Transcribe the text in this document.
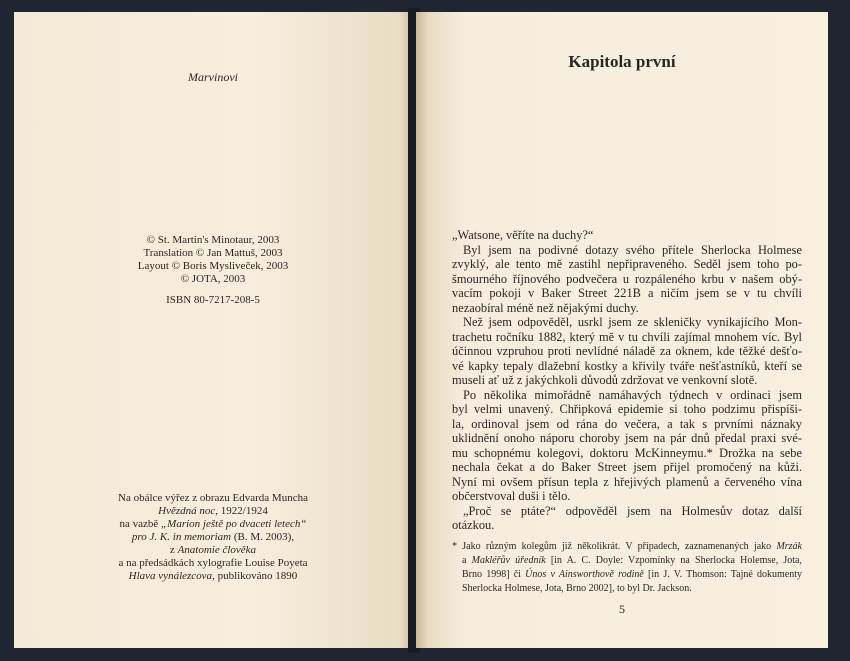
Marvinovi
© St. Martin's Minotaur, 2003
Translation © Jan Mattuš, 2003
Layout © Boris Mysliveček, 2003
© JOTA, 2003
ISBN 80-7217-208-5
Na obálce výřez z obrazu Edvarda Muncha
Hvězdná noc, 1922/1924
na vazbě „Marion ještě po dvaceti letech“
pro J. K. in memoriam (B. M. 2003),
z Anatomie člověka
a na předsádkách xylografie Louise Poyeta
Hlava vynálezcova, publikováno 1890
Kapitola první
„Watsone, věříte na duchy?“
Byl jsem na podivné dotazy svého přítele Sherlocka Holmese
zvyklý, ale tento mě zastihl nepřipraveného. Seděl jsem toho po-
šmourného říjnového podvečera u rozpáleného krbu v našem obý-
vacím pokoji v Baker Street 221B a ničím jsem se v tu chvíli
nezaobíral méně než nějakými duchy.
Než jsem odpověděl, usrkl jsem ze skleničky vynikajícího Mon-
trachetu ročníku 1882, který mě v tu chvíli zajímal mnohem víc. Byl
účinnou vzpruhou proti nevlídné náladě za oknem, kde těžké dešťo-
vé kapky tepaly dlažební kostky a křivily tváře nešťastníků, kteří se
museli ať už z jakýchkoli důvodů zdržovat ve venkovní slotě.
Po několika mimořádně namáhavých týdnech v ordinaci jsem
byl velmi unavený. Chřipková epidemie si toho podzimu přispíši-
la, ordinoval jsem od rána do večera, a tak s prvními náznaky
uklidnění onoho náporu choroby jsem na pár dnů předal praxi své-
mu schopnému kolegovi, doktoru McKinneymu.* Drožka na sebe
nechala čekat a do Baker Street jsem přijel promočený na kůži.
Nyní mi ovšem přísun tepla z hřejivých plamenů a červeného vína
občerstvoval duši i tělo.
„Proč se ptáte?“ odpověděl jsem na Holmesův dotaz další
otázkou.
* Jako různým kolegům již několikrát. V případech, zaznamenaných jako Mrzák
a Makléřův úředník [in A. C. Doyle: Vzpomínky na Sherlocka Holemse, Jota,
Brno 1998] či Únos v Ainsworthově rodině [in J. V. Thomson: Tajné dokumenty
Sherlocka Holmese, Jota, Brno 2002], to byl Dr. Jackson.
5
